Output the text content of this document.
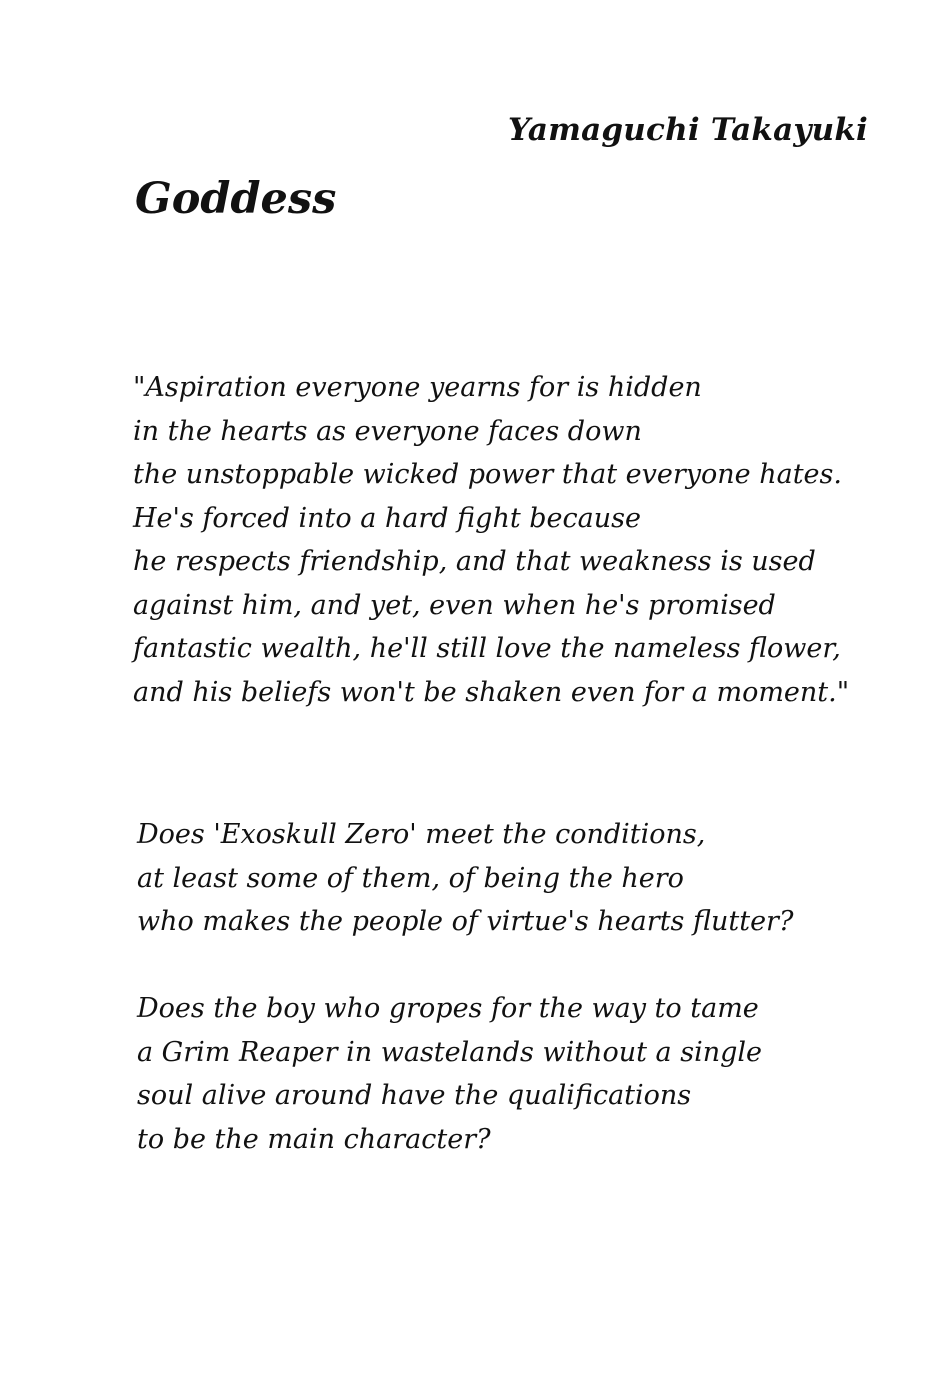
Yamaguchi Takayuki
Goddess
"Aspiration everyone yearns for is hidden
in the hearts as everyone faces down
the unstoppable wicked power that everyone hates.
He's forced into a hard fight because
he respects friendship, and that weakness is used
against him, and yet, even when he's promised
fantastic wealth, he'll still love the nameless flower,
and his beliefs won't be shaken even for a moment."
Does 'Exoskull Zero' meet the conditions,
at least some of them, of being the hero
who makes the people of virtue's hearts flutter?
Does the boy who gropes for the way to tame
a Grim Reaper in wastelands without a single
soul alive around have the qualifications
to be the main character?
